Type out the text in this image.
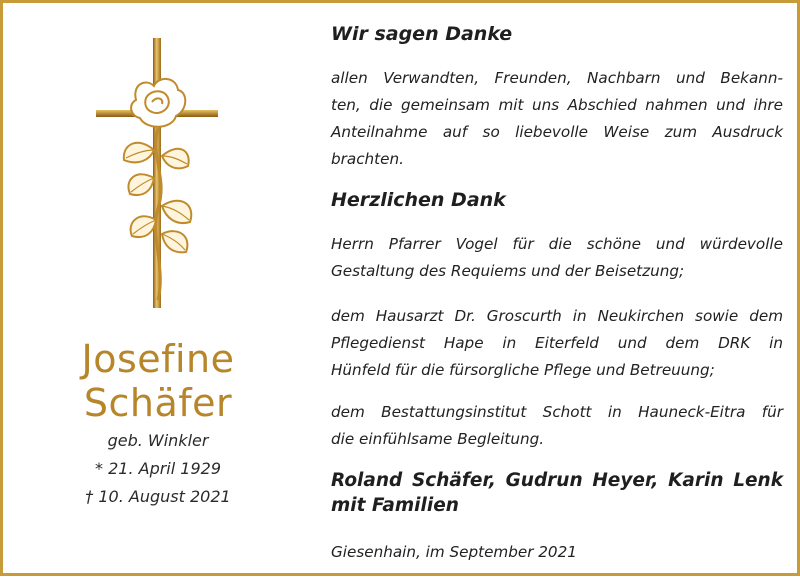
Josefine
Schäfer
geb. Winkler
* 21. April 1929
† 10. August 2021
Wir sagen Danke
allen Verwandten, Freunden, Nachbarn und Bekann-
ten, die gemeinsam mit uns Abschied nahmen und ihre
Anteilnahme auf so liebevolle Weise zum Ausdruck
brachten.
Herzlichen Dank
Herrn Pfarrer Vogel für die schöne und würdevolle
Gestaltung des Requiems und der Beisetzung;
dem Hausarzt Dr. Groscurth in Neukirchen sowie dem
Pflegedienst Hape in Eiterfeld und dem DRK in
Hünfeld für die fürsorgliche Pflege und Betreuung;
dem Bestattungsinstitut Schott in Hauneck-Eitra für
die einfühlsame Begleitung.
Roland Schäfer, Gudrun Heyer, Karin Lenk
mit Familien
Giesenhain, im September 2021
